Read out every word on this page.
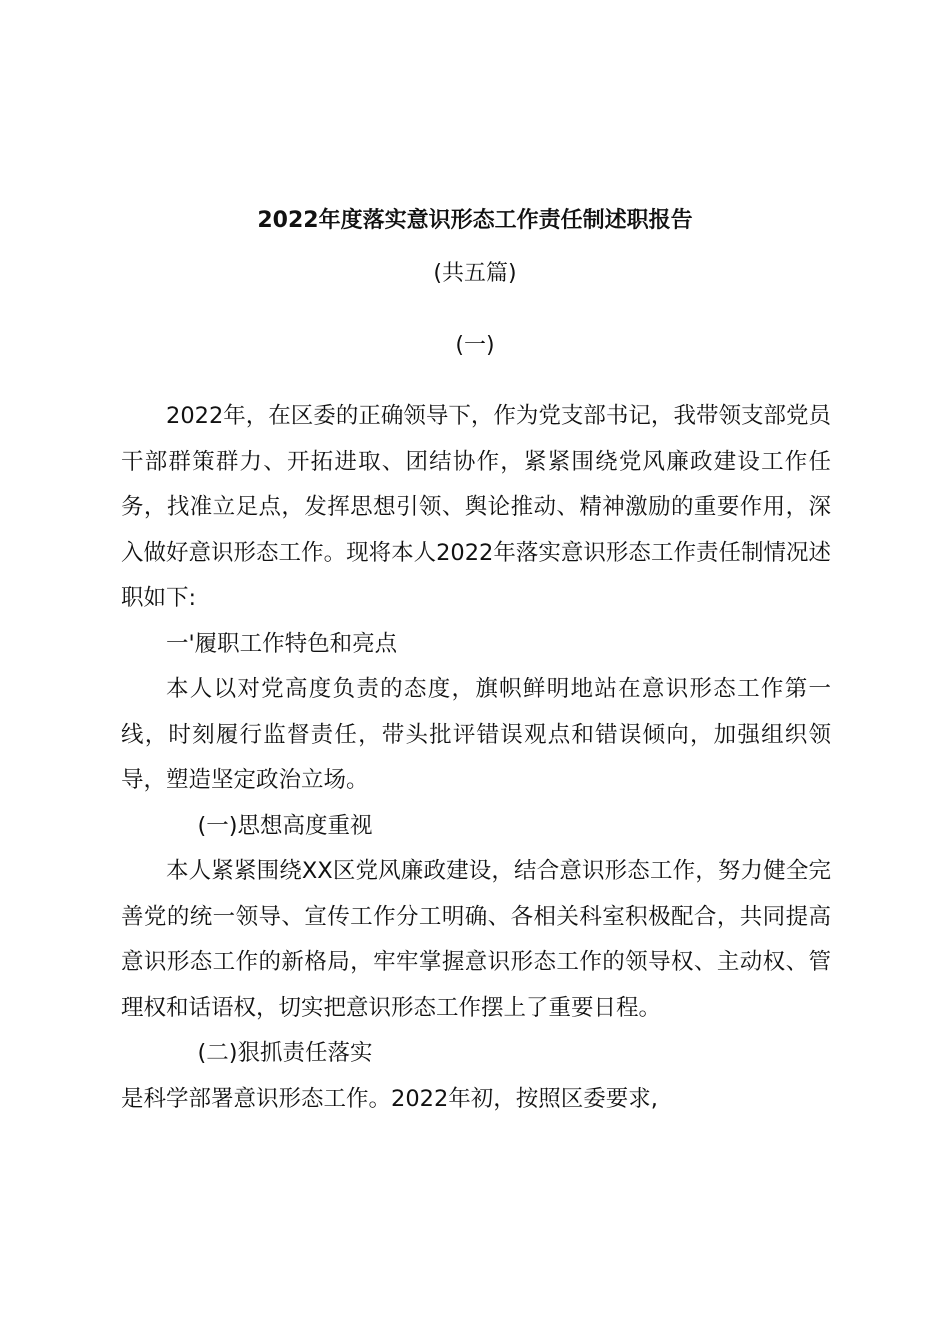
2022年度落实意识形态工作责任制述职报告
(共五篇)
(一)

2022年，在区委的正确领导下，作为党支部书记，我带领支部党员干部群策群力、开拓进取、团结协作，紧紧围绕党风廉政建设工作任务，找准立足点，发挥思想引领、舆论推动、精神激励的重要作用，深入做好意识形态工作。现将本人2022年落实意识形态工作责任制情况述职如下:

一'履职工作特色和亮点

本人以对党高度负责的态度，旗帜鲜明地站在意识形态工作第一线，时刻履行监督责任，带头批评错误观点和错误倾向，加强组织领导，塑造坚定政治立场。

(一)思想高度重视

本人紧紧围绕XX区党风廉政建设，结合意识形态工作，努力健全完善党的统一领导、宣传工作分工明确、各相关科室积极配合，共同提高意识形态工作的新格局，牢牢掌握意识形态工作的领导权、主动权、管理权和话语权，切实把意识形态工作摆上了重要日程。

(二)狠抓责任落实

是科学部署意识形态工作。2022年初，按照区委要求,
